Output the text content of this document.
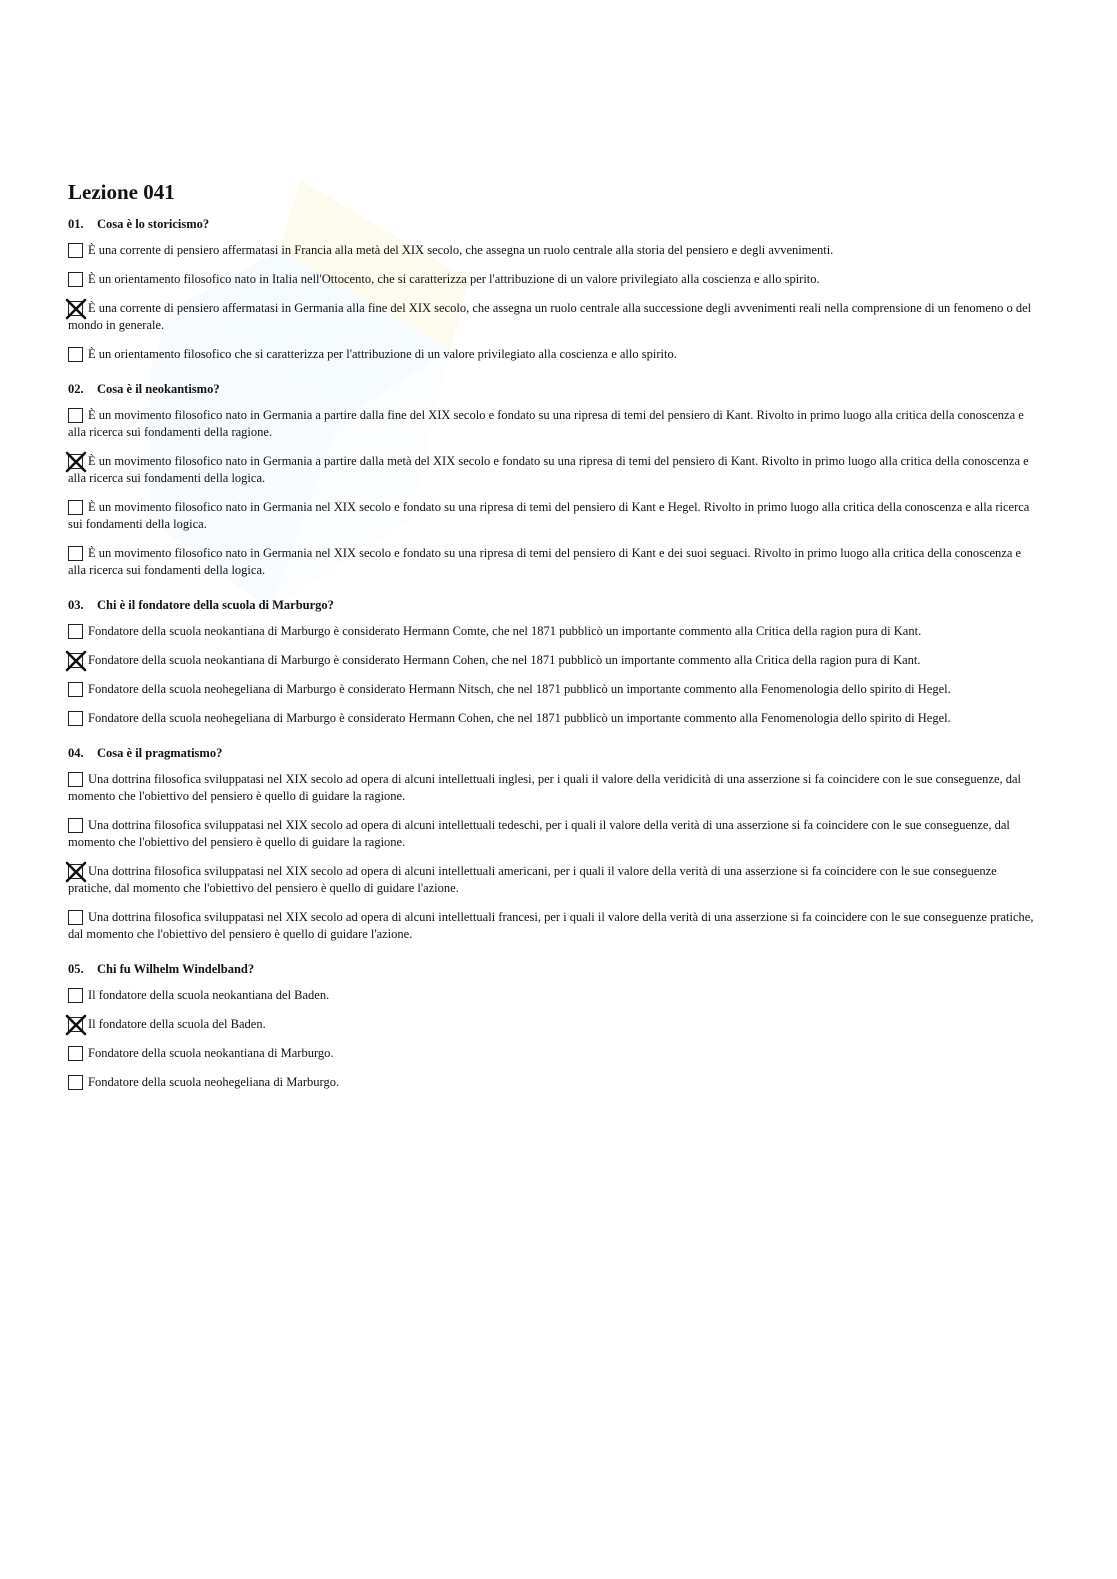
Lezione 041
01. Cosa è lo storicismo?
È una corrente di pensiero affermatasi in Francia alla metà del XIX secolo, che assegna un ruolo centrale alla storia del pensiero e degli avvenimenti.
È un orientamento filosofico nato in Italia nell'Ottocento, che si caratterizza per l'attribuzione di un valore privilegiato alla coscienza e allo spirito.
È una corrente di pensiero affermatasi in Germania alla fine del XIX secolo, che assegna un ruolo centrale alla successione degli avvenimenti reali nella comprensione di un fenomeno o del mondo in generale.
È un orientamento filosofico che si caratterizza per l'attribuzione di un valore privilegiato alla coscienza e allo spirito.
02. Cosa è il neokantismo?
È un movimento filosofico nato in Germania a partire dalla fine del XIX secolo e fondato su una ripresa di temi del pensiero di Kant. Rivolto in primo luogo alla critica della conoscenza e alla ricerca sui fondamenti della ragione.
È un movimento filosofico nato in Germania a partire dalla metà del XIX secolo e fondato su una ripresa di temi del pensiero di Kant. Rivolto in primo luogo alla critica della conoscenza e alla ricerca sui fondamenti della logica.
È un movimento filosofico nato in Germania nel XIX secolo e fondato su una ripresa di temi del pensiero di Kant e Hegel. Rivolto in primo luogo alla critica della conoscenza e alla ricerca sui fondamenti della logica.
È un movimento filosofico nato in Germania nel XIX secolo e fondato su una ripresa di temi del pensiero di Kant e dei suoi seguaci. Rivolto in primo luogo alla critica della conoscenza e alla ricerca sui fondamenti della logica.
03. Chi è il fondatore della scuola di Marburgo?
Fondatore della scuola neokantiana di Marburgo è considerato Hermann Comte, che nel 1871 pubblicò un importante commento alla Critica della ragion pura di Kant.
Fondatore della scuola neokantiana di Marburgo è considerato Hermann Cohen, che nel 1871 pubblicò un importante commento alla Critica della ragion pura di Kant.
Fondatore della scuola neohegeliana di Marburgo è considerato Hermann Nitsch, che nel 1871 pubblicò un importante commento alla Fenomenologia dello spirito di Hegel.
Fondatore della scuola neohegeliana di Marburgo è considerato Hermann Cohen, che nel 1871 pubblicò un importante commento alla Fenomenologia dello spirito di Hegel.
04. Cosa è il pragmatismo?
Una dottrina filosofica sviluppatasi nel XIX secolo ad opera di alcuni intellettuali inglesi, per i quali il valore della veridicità di una asserzione si fa coincidere con le sue conseguenze, dal momento che l'obiettivo del pensiero è quello di guidare la ragione.
Una dottrina filosofica sviluppatasi nel XIX secolo ad opera di alcuni intellettuali tedeschi, per i quali il valore della verità di una asserzione si fa coincidere con le sue conseguenze, dal momento che l'obiettivo del pensiero è quello di guidare la ragione.
Una dottrina filosofica sviluppatasi nel XIX secolo ad opera di alcuni intellettuali americani, per i quali il valore della verità di una asserzione si fa coincidere con le sue conseguenze pratiche, dal momento che l'obiettivo del pensiero è quello di guidare l'azione.
Una dottrina filosofica sviluppatasi nel XIX secolo ad opera di alcuni intellettuali francesi, per i quali il valore della verità di una asserzione si fa coincidere con le sue conseguenze pratiche, dal momento che l'obiettivo del pensiero è quello di guidare l'azione.
05. Chi fu Wilhelm Windelband?
Il fondatore della scuola neokantiana del Baden.
Il fondatore della scuola del Baden.
Fondatore della scuola neokantiana di Marburgo.
Fondatore della scuola neohegeliana di Marburgo.
